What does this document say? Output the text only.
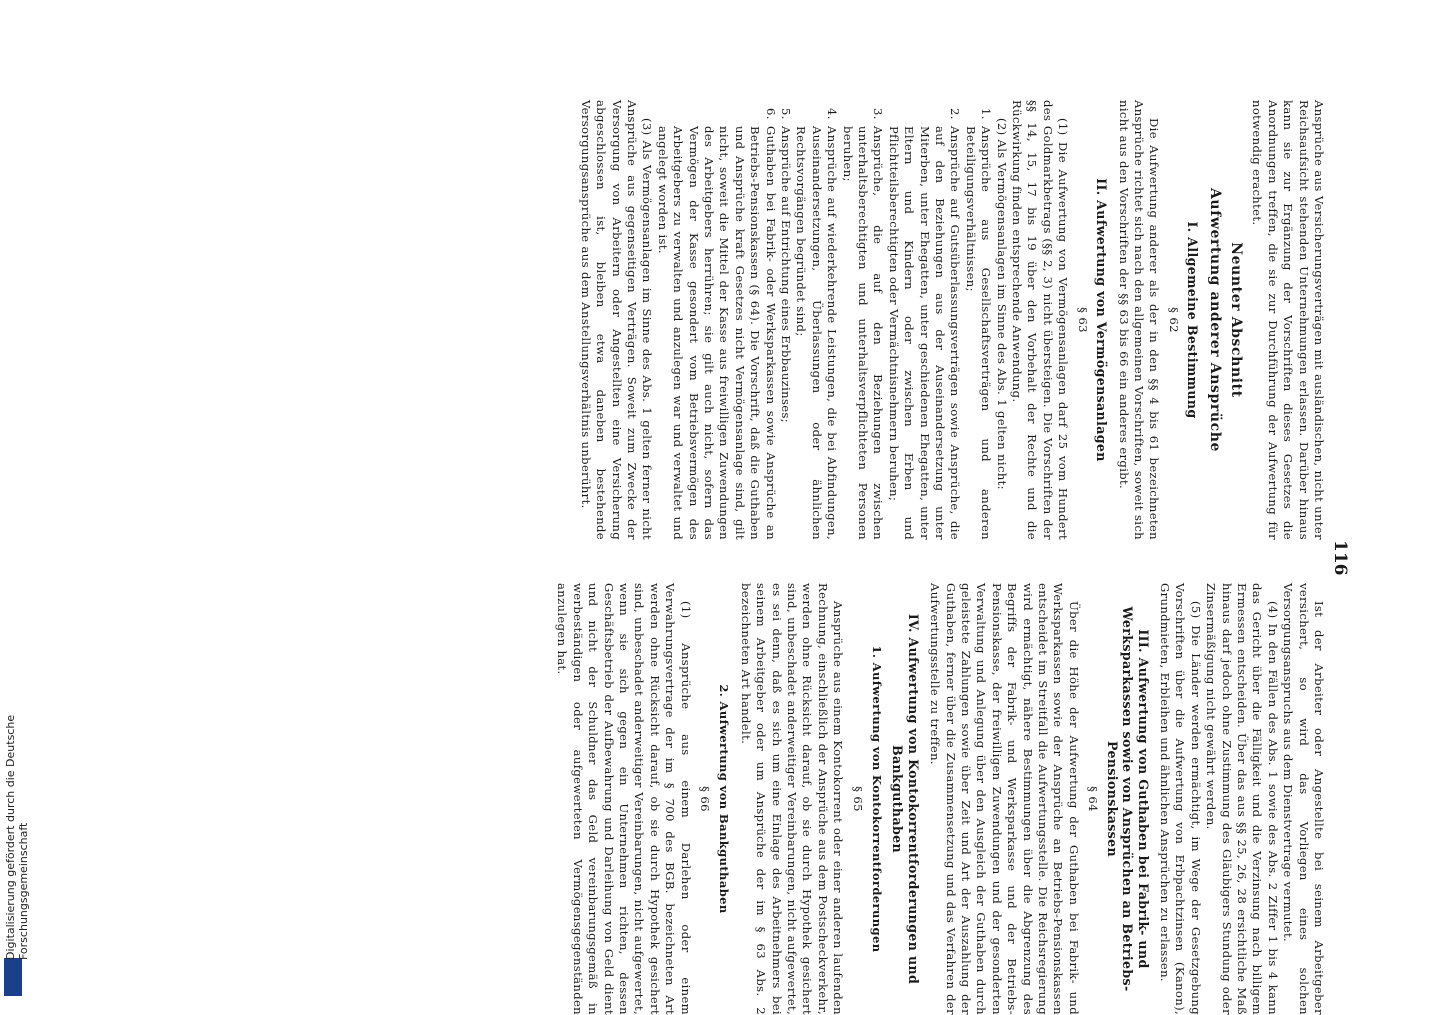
116

Ansprüche aus Versicherungsverträgen mit ausländischen, nicht unter Reichsaufsicht stehenden Unternehmungen erlassen. Darüber hinaus kann sie zur Ergänzung der Vorschriften dieses Gesetzes die Anordnungen treffen, die sie zur Durchführung der Aufwertung für notwendig erachtet.

Neunter Abschnitt
Aufwertung anderer Ansprüche
I. Allgemeine Bestimmung
§ 62

Die Aufwertung anderer als der in den §§ 4 bis 61 bezeichneten Ansprüche richtet sich nach den allgemeinen Vorschriften, soweit sich nicht aus den Vorschriften der §§ 63 bis 66 ein anderes ergibt.

II. Aufwertung von Vermögensanlagen
§ 63

(1) Die Aufwertung von Vermögensanlagen darf 25 vom Hundert des Goldmarkbetrags (§§ 2, 3) nicht übersteigen. Die Vorschriften der §§ 14, 15, 17 bis 19 über den Vorbehalt der Rechte und die Rückwirkung finden entsprechende Anwendung.

(2) Als Vermögensanlagen im Sinne des Abs. 1 gelten nicht:

1.
Ansprüche aus Gesellschaftsverträgen und anderen Beteiligungsverhältnissen;

2.
Ansprüche auf Gutsüberlassungsverträgen sowie Ansprüche, die auf den Beziehungen aus der Auseinandersetzung unter Miterben, unter Ehegatten, unter geschiedenen Ehegatten, unter Eltern und Kindern oder zwischen Erben und Pflichtteilsberechtigten oder Vermächtnisnehmern beruhen;

3.
Ansprüche, die auf den Beziehungen zwischen unterhaltsberechtigten und unterhaltsverpflichteten Personen beruhen;

4.
Ansprüche auf wiederkehrende Leistungen, die bei Abfindungen, Auseinandersetzungen, Überlassungen oder ähnlichen Rechtsvorgängen begründet sind;

5.
Ansprüche auf Entrichtung eines Erbbauzinses;

6.
Guthaben bei Fabrik- oder Werksparkassen sowie Ansprüche an Betriebs-Pensionskassen (§ 64). Die Vorschrift, daß die Guthaben und Ansprüche kraft Gesetzes nicht Vermögensanlage sind, gilt nicht, soweit die Mittel der Kasse aus freiwilligen Zuwendungen des Arbeitgebers herrühren; sie gilt auch nicht, sofern das Vermögen der Kasse gesondert vom Betriebsvermögen des Arbeitgebers zu verwalten und anzulegen war und verwaltet und angelegt worden ist.

(3) Als Vermögensanlagen im Sinne des Abs. 1 gelten ferner nicht Ansprüche aus gegenseitigen Verträgen. Soweit zum Zwecke der Versorgung von Arbeitern oder Angestellten eine Versicherung abgeschlossen ist, bleiben etwa daneben bestehende Versorgungsansprüche aus dem Anstellungsverhältnis unberührt.

Ist der Arbeiter oder Angestellte bei seinem Arbeitgeber versichert, so wird das Vorliegen eines solchen Versorgungsanspruchs aus dem Dienstvertrage vermutet.

(4) In den Fällen des Abs. 1 sowie des Abs. 2 Ziffer 1 bis 4 kann das Gericht über die Fälligkeit und die Verzinsung nach billigem Ermessen entscheiden. Über das aus §§ 25, 26, 28 ersichtliche Maß hinaus darf jedoch ohne Zustimmung des Gläubigers Stundung oder Zinsermäßigung nicht gewährt werden.

(5) Die Länder werden ermächtigt, im Wege der Gesetzgebung Vorschriften über die Aufwertung von Erbpachtzinsen (Kanon), Grundmieten, Erbleihen und ähnlichen Ansprüchen zu erlassen.

III. Aufwertung von Guthaben bei Fabrik- und Werksparkassen sowie von Ansprüchen an Betriebs-Pensionskassen
§ 64

Über die Höhe der Aufwertung der Guthaben bei Fabrik- und Werksparkassen sowie der Ansprüche an Betriebs-Pensionskassen entscheidet im Streitfall die Aufwertungsstelle. Die Reichsregierung wird ermächtigt, nähere Bestimmungen über die Abgrenzung des Begriffs der Fabrik- und Werksparkasse und der Betriebs-Pensionskasse, der freiwilligen Zuwendungen und der gesonderten Verwaltung und Anlegung über den Ausgleich der Guthaben durch geleistete Zahlungen sowie über Zeit und Art der Auszahlung der Guthaben, ferner über die Zusammensetzung und das Verfahren der Aufwertungsstelle zu treffen.

IV. Aufwertung von Kontokorrentforderungen und Bankguthaben
1. Aufwertung von Kontokorrentforderungen
§ 65

Ansprüche aus einem Kontokorrent oder einer anderen laufenden Rechnung, einschließlich der Ansprüche aus dem Postscheckverkehr, werden ohne Rücksicht darauf, ob sie durch Hypothek gesichert sind, unbeschadet anderweitiger Vereinbarungen, nicht aufgewertet, es sei denn, daß es sich um eine Einlage des Arbeitnehmers bei seinem Arbeitgeber oder um Ansprüche der im § 63 Abs. 2 bezeichneten Art handelt.

2. Aufwertung von Bankguthaben
§ 66

(1) Ansprüche aus einem Darlehen oder einem Verwahrungsvertrage der im § 700 des BGB. bezeichneten Art werden ohne Rücksicht darauf, ob sie durch Hypothek gesichert sind, unbeschadet anderweitiger Vereinbarungen, nicht aufgewertet, wenn sie sich gegen ein Unternehmen richten, dessen Geschäftsbetrieb der Aufbewahrung und Darleihung von Geld dient und nicht der Schuldner das Geld vereinbarungsgemäß in werbeständigen oder aufgewerteten Vermögensgegenständen anzulegen hat.

Digitalisierung gefördert durch die Deutsche Forschungsgemeinschaft
